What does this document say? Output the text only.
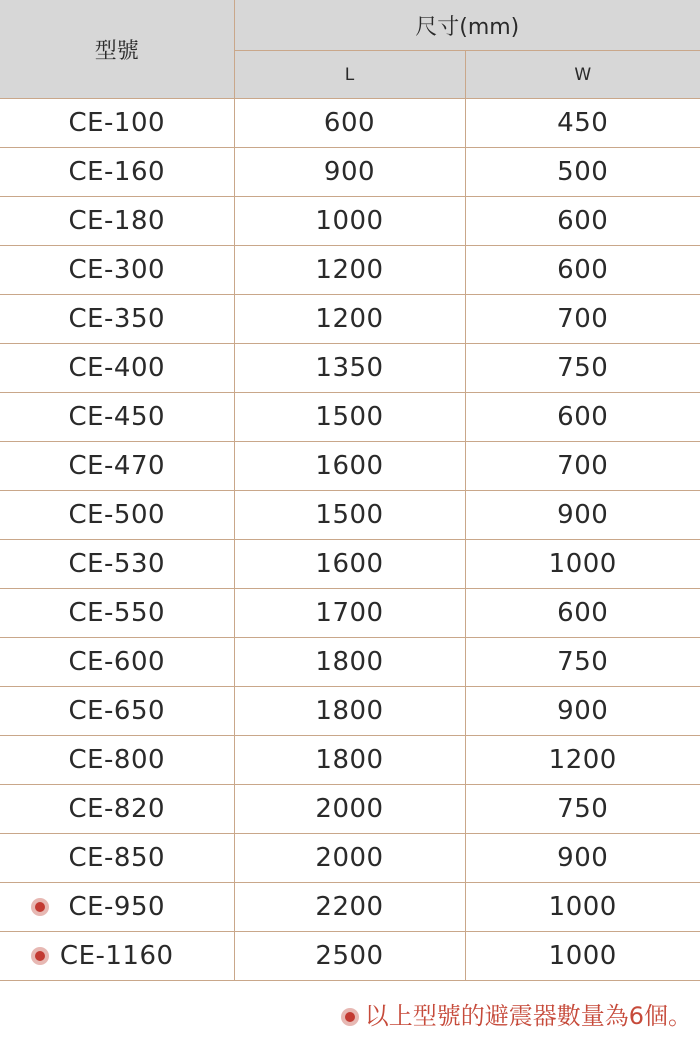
型號	尺寸(mm)	
	L	W
CE-100	600	450
CE-160	900	500
CE-180	1000	600
CE-300	1200	600
CE-350	1200	700
CE-400	1350	750
CE-450	1500	600
CE-470	1600	700
CE-500	1500	900
CE-530	1600	1000
CE-550	1700	600
CE-600	1800	750
CE-650	1800	900
CE-800	1800	1200
CE-820	2000	750
CE-850	2000	900

CE-950	2200	1000

CE-1160	2500	1000
以上型號的避震器數量為6個。
